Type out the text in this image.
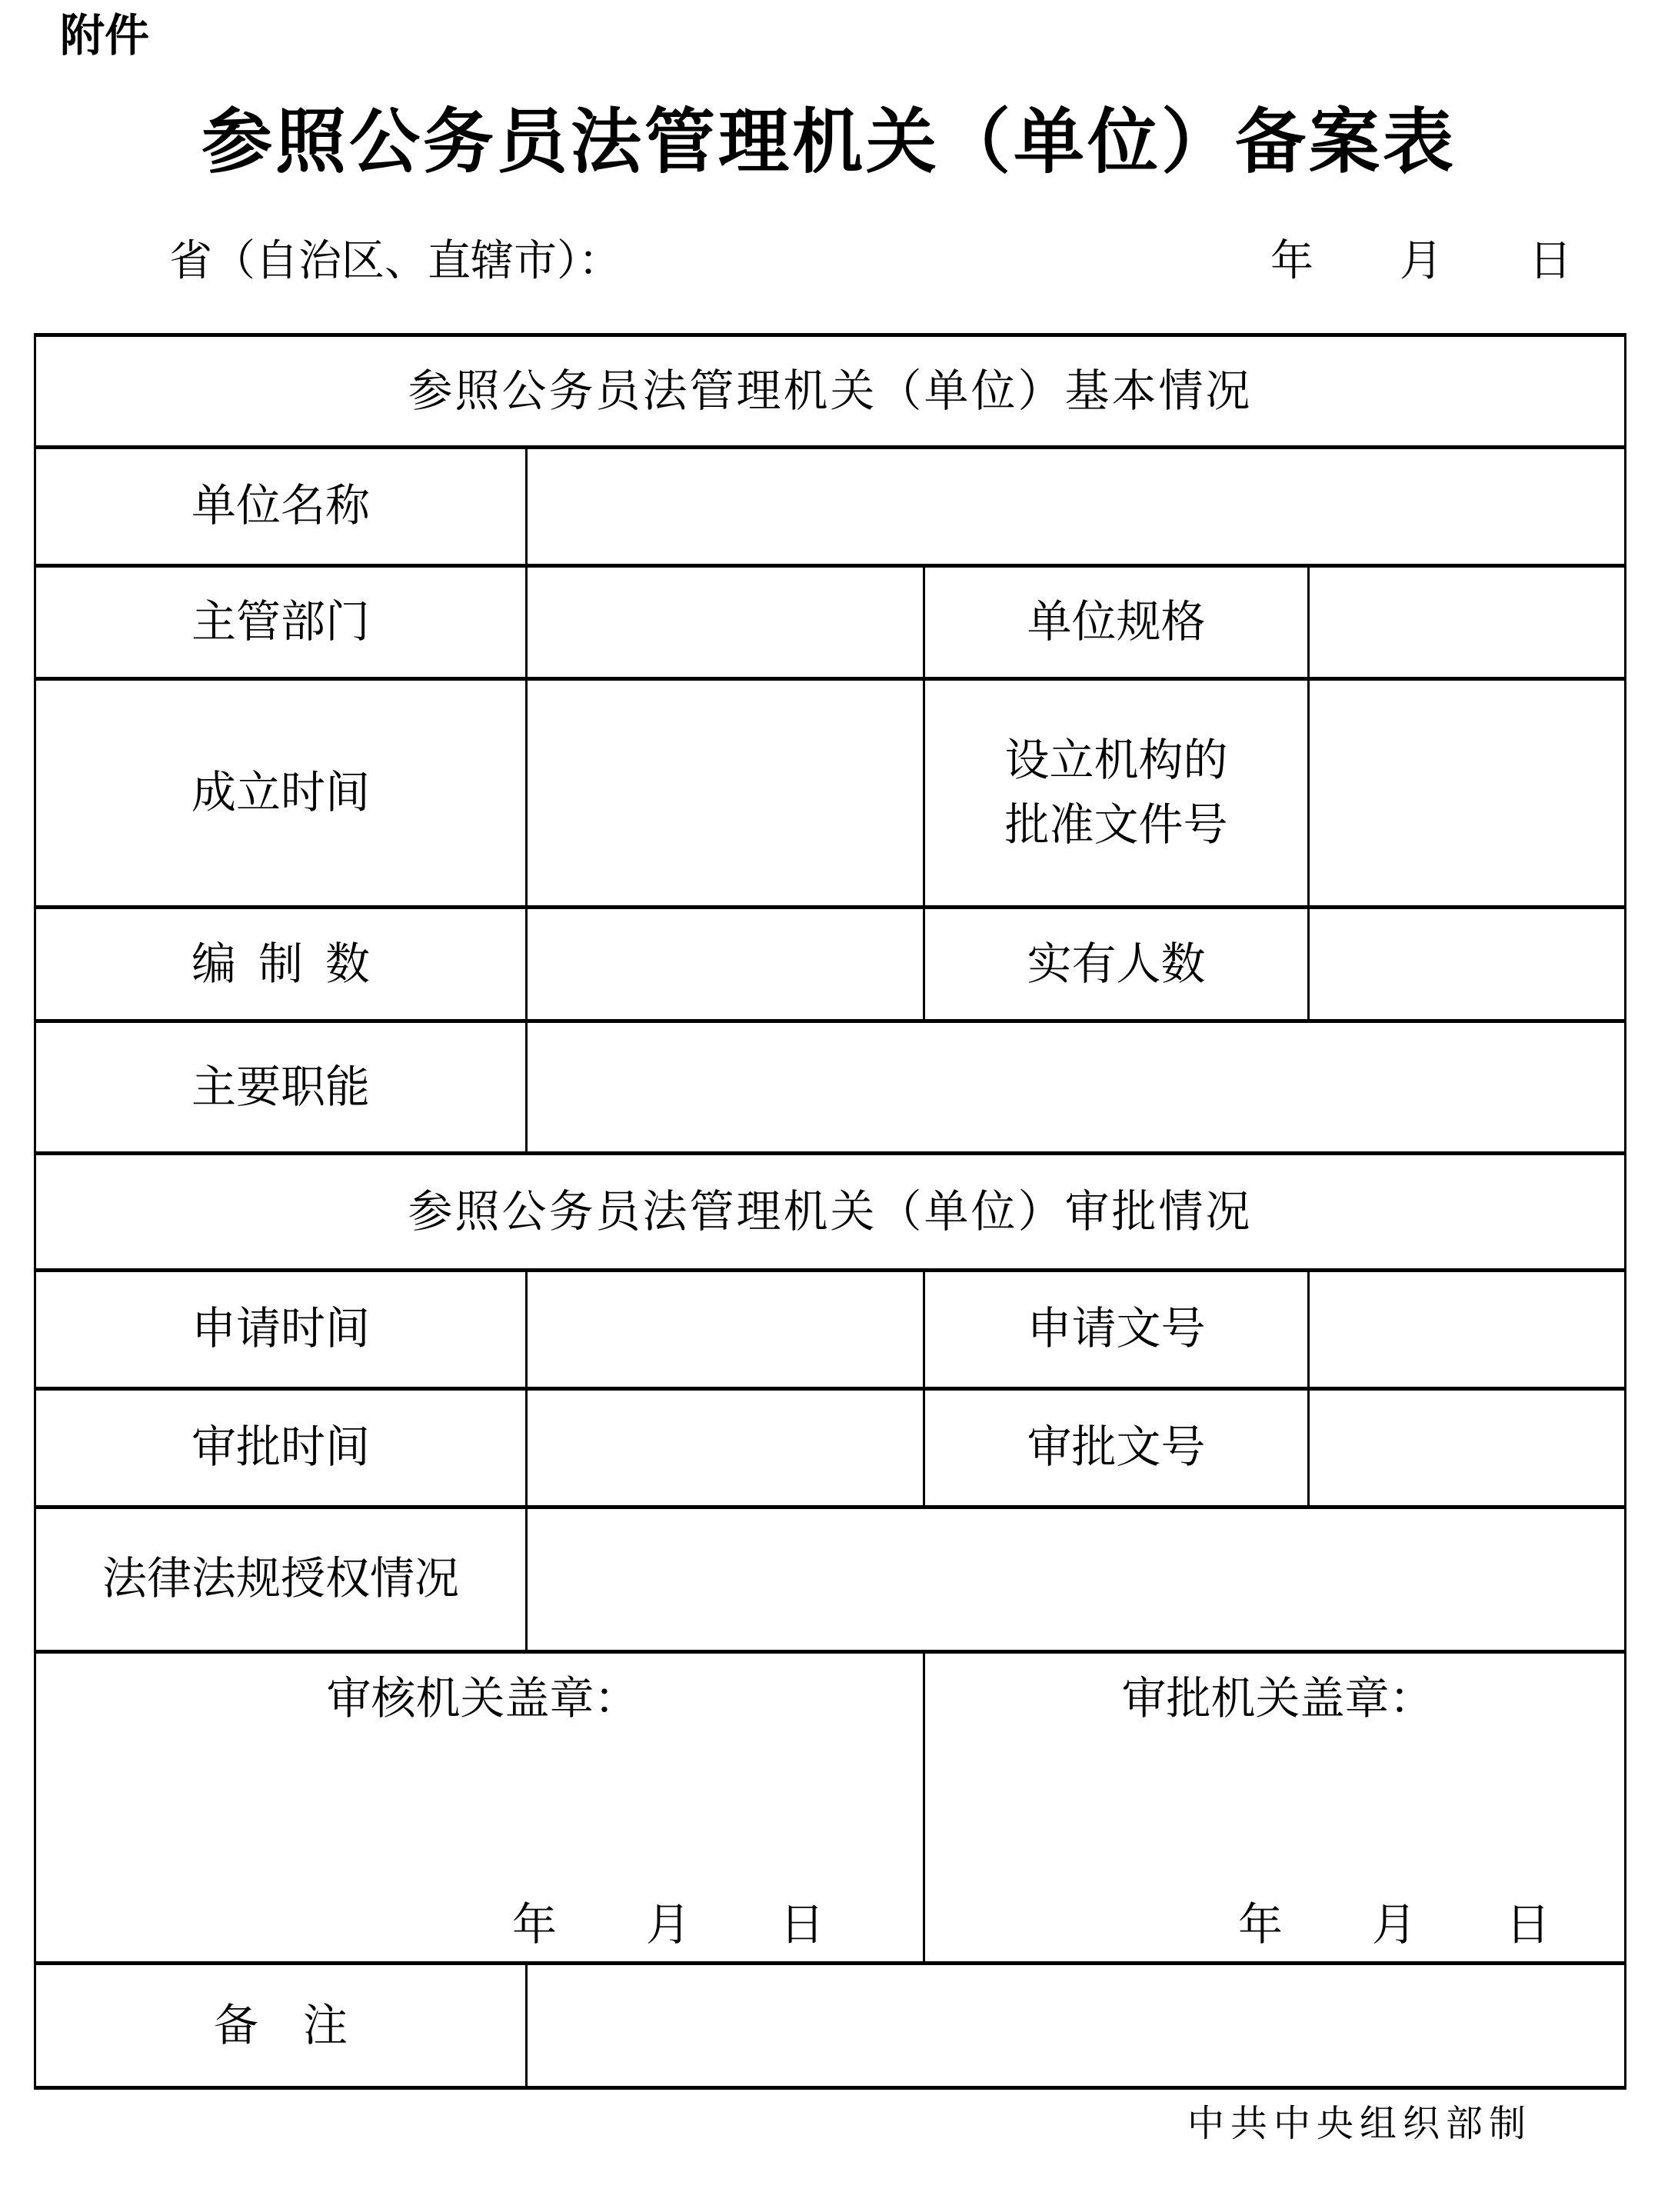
附件
参照公务员法管理机关（单位）备案表
省（自治区、直辖市）：	年　　月　　日
参照公务员法管理机关（单位）基本情况			
单位名称			
主管部门		单位规格	
成立时间		设立机构的
批准文件号	

编 制 数		实有人数	
主要职能			
参照公务员法管理机关（单位）审批情况			
申请时间		申请文号	
审批时间		审批文号	
法律法规授权情况			

审核机关盖章：
年　　月　　日

审批机关盖章：
年　　月　　日

备　注			
中共中央组织部制
